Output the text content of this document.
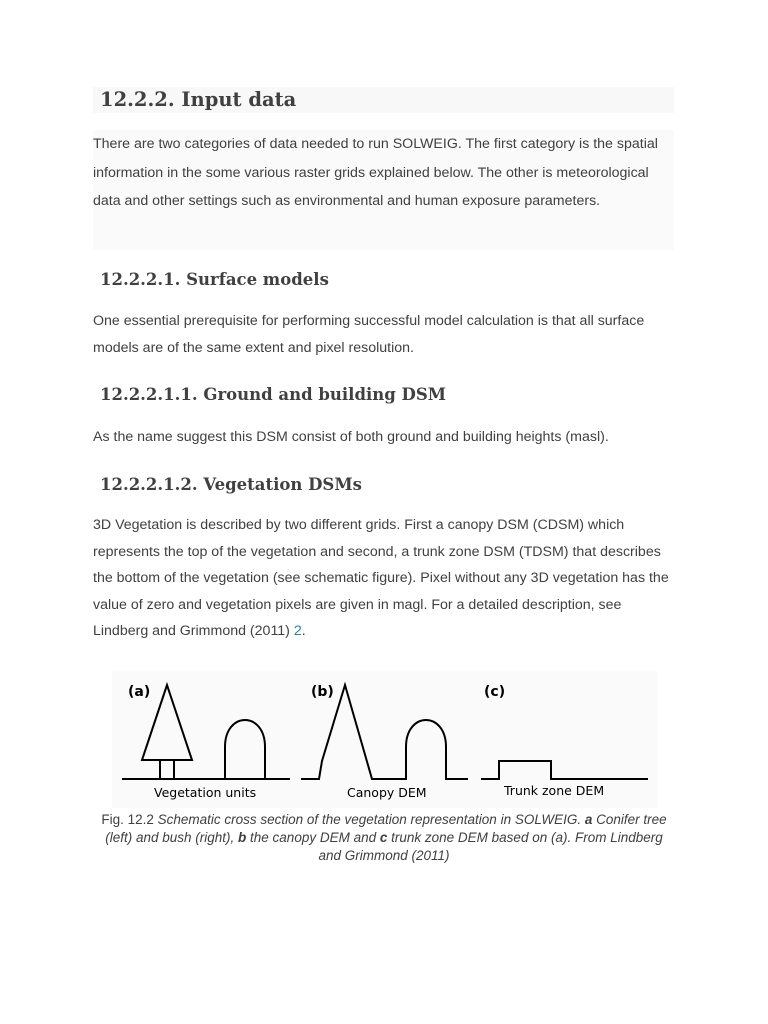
12.2.2. Input data

There are two categories of data needed to run SOLWEIG. The first category is the spatial information in the some various raster grids explained below. The other is meteorological data and other settings such as environmental and human exposure parameters.

12.2.2.1. Surface models

One essential prerequisite for performing successful model calculation is that all surface models are of the same extent and pixel resolution.

12.2.2.1.1. Ground and building DSM

As the name suggest this DSM consist of both ground and building heights (masl).

12.2.2.1.2. Vegetation DSMs

3D Vegetation is described by two different grids. First a canopy DSM (CDSM) which represents the top of the vegetation and second, a trunk zone DSM (TDSM) that describes the bottom of the vegetation (see schematic figure). Pixel without any 3D vegetation has the value of zero and vegetation pixels are given in magl. For a detailed description, see Lindberg and Grimmond (2011) 2.

(a)	(b)	(c)
Vegetation units	Canopy DEM	Trunk zone DEM
Fig. 12.2 Schematic cross section of the vegetation representation in SOLWEIG. a Conifer tree (left) and bush (right), b the canopy DEM and c trunk zone DEM based on (a). From Lindberg and Grimmond (2011)
